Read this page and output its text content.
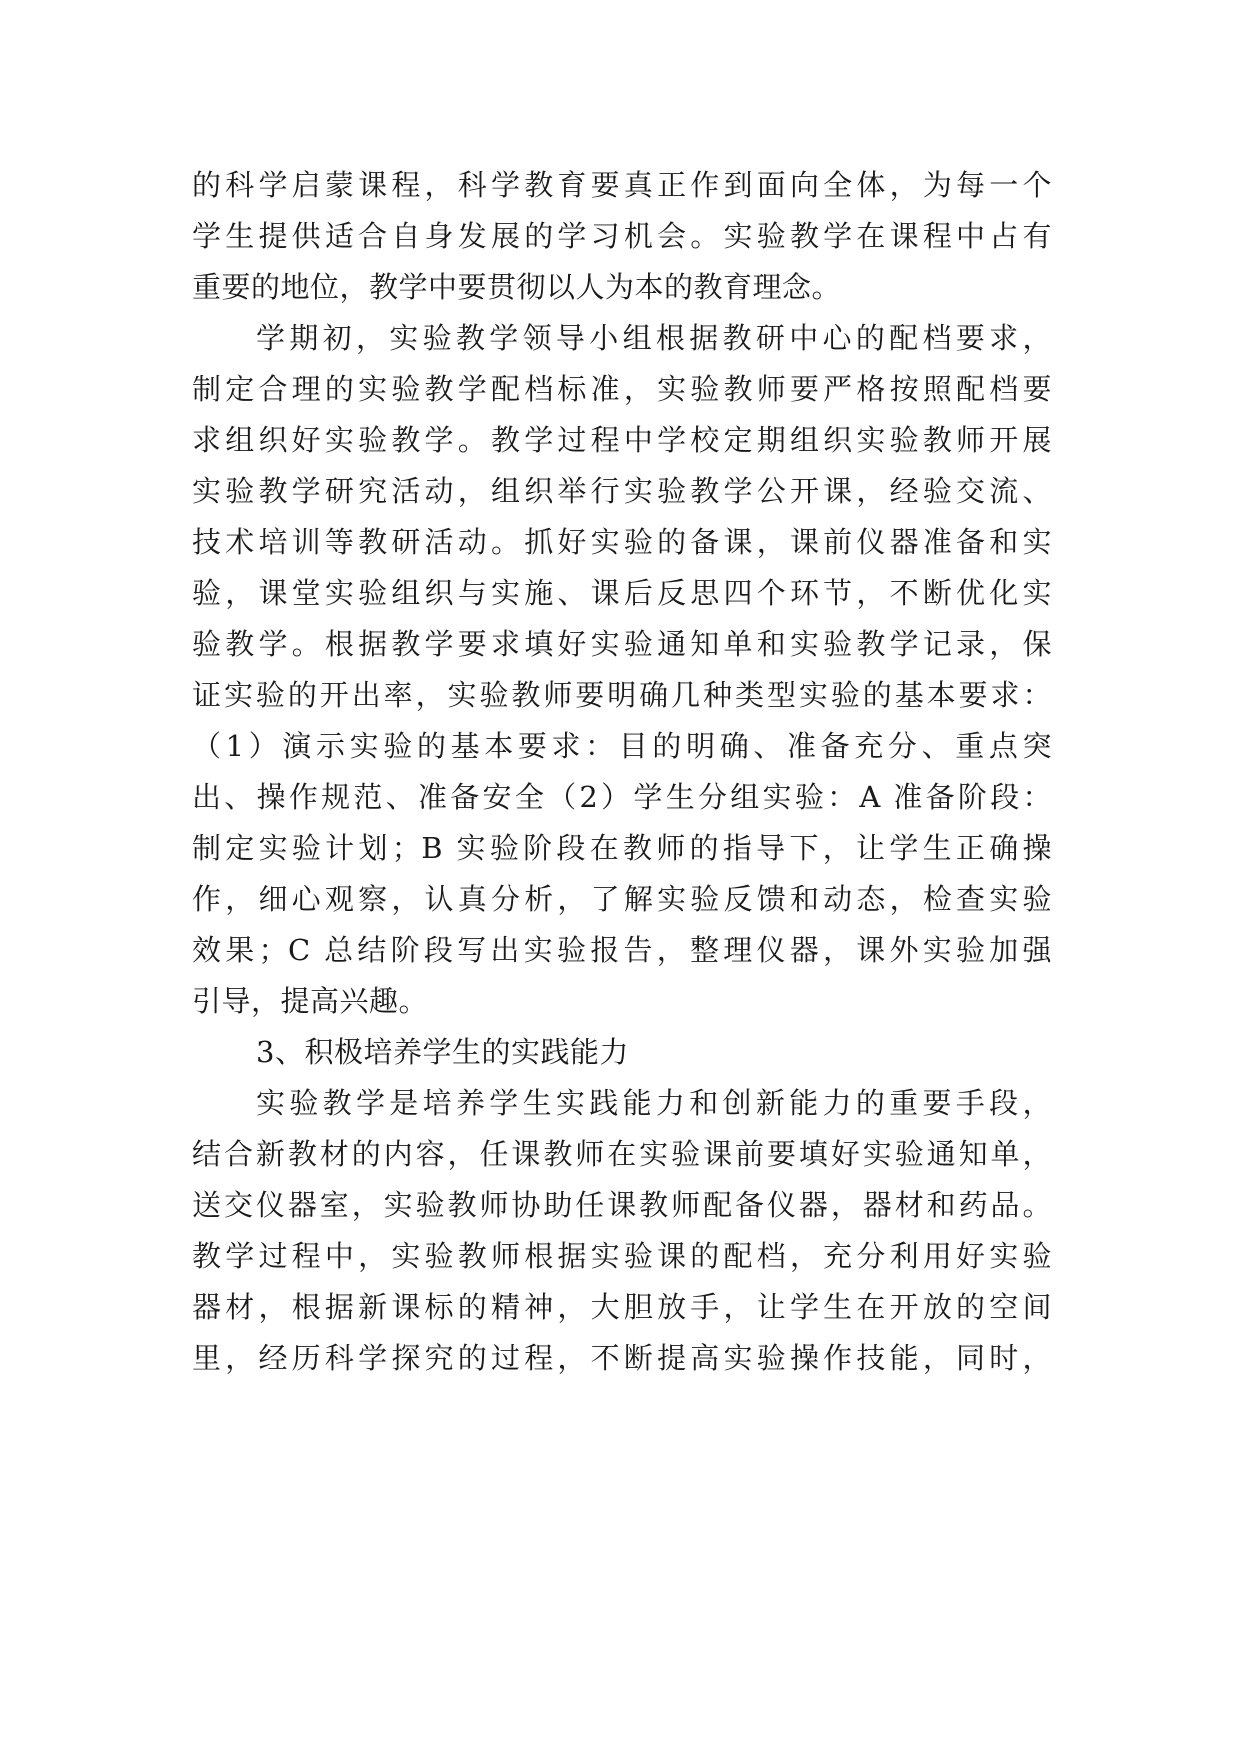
的科学启蒙课程，科学教育要真正作到面向全体，为每一个
学生提供适合自身发展的学习机会。实验教学在课程中占有
重要的地位，教学中要贯彻以人为本的教育理念。
学期初，实验教学领导小组根据教研中心的配档要求，
制定合理的实验教学配档标准，实验教师要严格按照配档要
求组织好实验教学。教学过程中学校定期组织实验教师开展
实验教学研究活动，组织举行实验教学公开课，经验交流、
技术培训等教研活动。抓好实验的备课，课前仪器准备和实
验，课堂实验组织与实施、课后反思四个环节，不断优化实
验教学。根据教学要求填好实验通知单和实验教学记录，保
证实验的开出率，实验教师要明确几种类型实验的基本要求：
（1）演示实验的基本要求：目的明确、准备充分、重点突
出、操作规范、准备安全（2）学生分组实验：A 准备阶段：
制定实验计划；B 实验阶段在教师的指导下，让学生正确操
作，细心观察，认真分析，了解实验反馈和动态，检查实验
效果；C 总结阶段写出实验报告，整理仪器，课外实验加强
引导，提高兴趣。
3、积极培养学生的实践能力
实验教学是培养学生实践能力和创新能力的重要手段，
结合新教材的内容，任课教师在实验课前要填好实验通知单，
送交仪器室，实验教师协助任课教师配备仪器，器材和药品。
教学过程中，实验教师根据实验课的配档，充分利用好实验
器材，根据新课标的精神，大胆放手，让学生在开放的空间
里，经历科学探究的过程，不断提高实验操作技能，同时，
